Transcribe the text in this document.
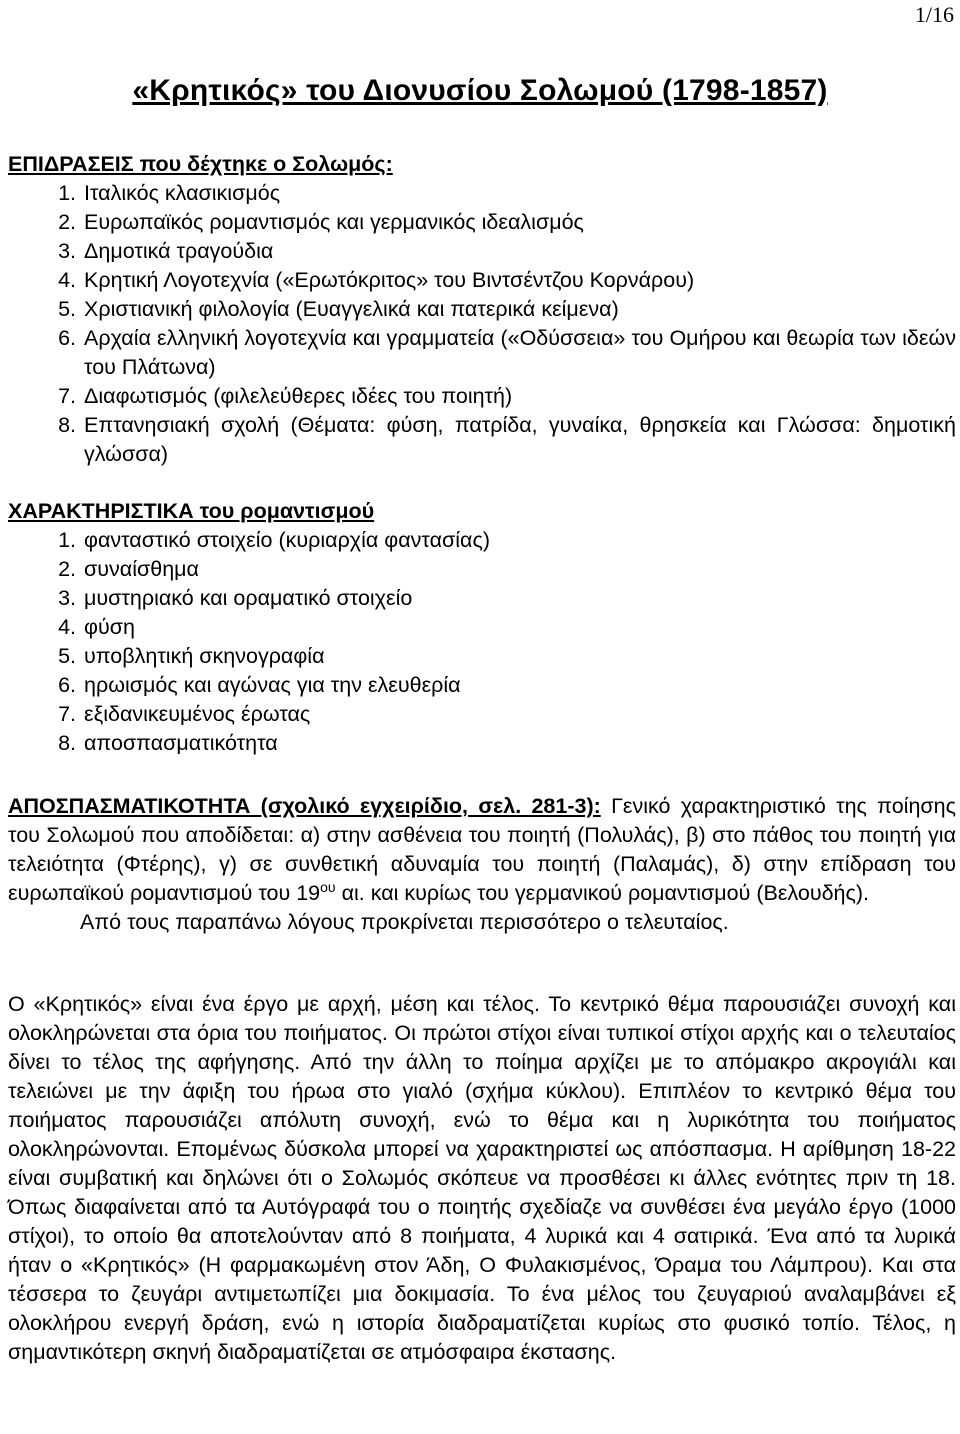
1/16
«Κρητικός» του Διονυσίου Σολωμού (1798-1857)
ΕΠΙΔΡΑΣΕΙΣ που δέχτηκε ο Σολωμός:
1. Ιταλικός κλασικισμός
2. Ευρωπαϊκός ρομαντισμός και γερμανικός ιδεαλισμός
3. Δημοτικά τραγούδια
4. Κρητική Λογοτεχνία («Ερωτόκριτος» του Βιντσέντζου Κορνάρου)
5. Χριστιανική φιλολογία (Ευαγγελικά και πατερικά κείμενα)
6. Αρχαία ελληνική λογοτεχνία και γραμματεία («Οδύσσεια» του Ομήρου και θεωρία των ιδεών του Πλάτωνα)
7. Διαφωτισμός (φιλελεύθερες ιδέες του ποιητή)
8. Επτανησιακή σχολή (Θέματα: φύση, πατρίδα, γυναίκα, θρησκεία και Γλώσσα: δημοτική γλώσσα)
ΧΑΡΑΚΤΗΡΙΣΤΙΚΑ του ρομαντισμού
1. φανταστικό στοιχείο (κυριαρχία φαντασίας)
2. συναίσθημα
3. μυστηριακό και οραματικό στοιχείο
4. φύση
5. υποβλητική σκηνογραφία
6. ηρωισμός και αγώνας για την ελευθερία
7. εξιδανικευμένος έρωτας
8. αποσπασματικότητα
ΑΠΟΣΠΑΣΜΑΤΙΚΟΤΗΤΑ (σχολικό εγχειρίδιο, σελ. 281-3): Γενικό χαρακτηριστικό της ποίησης του Σολωμού που αποδίδεται: α) στην ασθένεια του ποιητή (Πολυλάς), β) στο πάθος του ποιητή για τελειότητα (Φτέρης), γ) σε συνθετική αδυναμία του ποιητή (Παλαμάς), δ) στην επίδραση του ευρωπαϊκού ρομαντισμού του $19^{o\upsilon}$ αι. και κυρίως του γερμανικού ρομαντισμού (Βελουδής).
Από τους παραπάνω λόγους προκρίνεται περισσότερο ο τελευταίος.
Ο «Κρητικός» είναι ένα έργο με αρχή, μέση και τέλος. Το κεντρικό θέμα παρουσιάζει συνοχή και ολοκληρώνεται στα όρια του ποιήματος. Οι πρώτοι στίχοι είναι τυπικοί στίχοι αρχής και ο τελευταίος δίνει το τέλος της αφήγησης. Από την άλλη το ποίημα αρχίζει με το απόμακρο ακρογιάλι και τελειώνει με την άφιξη του ήρωα στο γιαλό (σχήμα κύκλου). Επιπλέον το κεντρικό θέμα του ποιήματος παρουσιάζει απόλυτη συνοχή, ενώ το θέμα και η λυρικότητα του ποιήματος ολοκληρώνονται. Επομένως δύσκολα μπορεί να χαρακτηριστεί ως απόσπασμα. Η αρίθμηση 18-22 είναι συμβατική και δηλώνει ότι ο Σολωμός σκόπευε να προσθέσει κι άλλες ενότητες πριν τη 18. Όπως διαφαίνεται από τα Αυτόγραφά του ο ποιητής σχεδίαζε να συνθέσει ένα μεγάλο έργο (1000 στίχοι), το οποίο θα αποτελούνταν από 8 ποιήματα, 4 λυρικά και 4 σατιρικά. Ένα από τα λυρικά ήταν ο «Κρητικός» (Η φαρμακωμένη στον Άδη, Ο Φυλακισμένος, Όραμα του Λάμπρου). Και στα τέσσερα το ζευγάρι αντιμετωπίζει μια δοκιμασία. Το ένα μέλος του ζευγαριού αναλαμβάνει εξ ολοκλήρου ενεργή δράση, ενώ η ιστορία διαδραματίζεται κυρίως στο φυσικό τοπίο. Τέλος, η σημαντικότερη σκηνή διαδραματίζεται σε ατμόσφαιρα έκστασης.
